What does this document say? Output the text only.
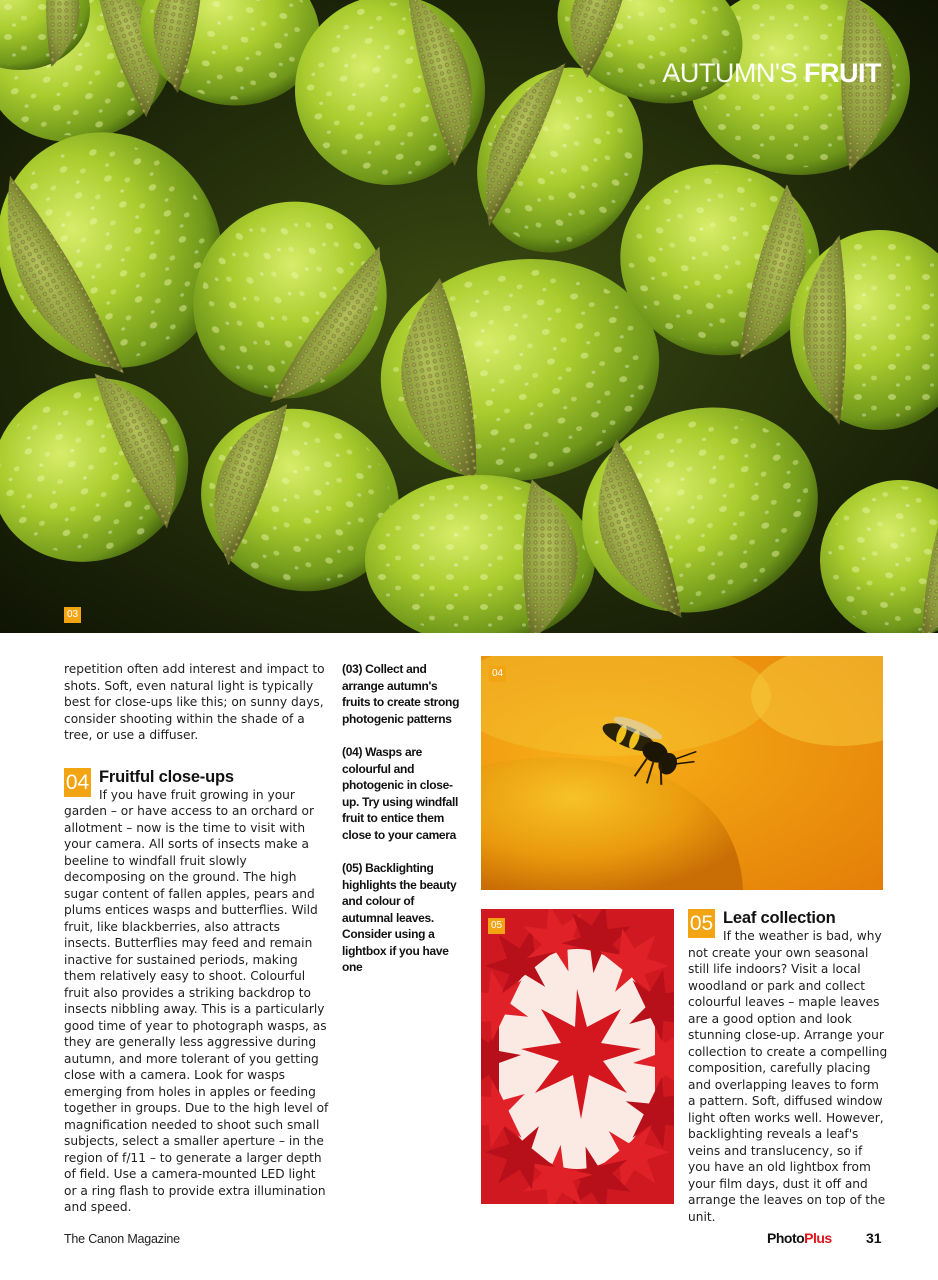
AUTUMN'S FRUIT
03

repetition often add interest and impact to shots. Soft, even natural light is typically best for close-ups like this; on sunny days, consider shooting within the shade of a tree, or use a diffuser.

04 Fruitful close-ups
If you have fruit growing in your garden – or have access to an orchard or allotment – now is the time to visit with your camera. All sorts of insects make a beeline to windfall fruit slowly decomposing on the ground. The high sugar content of fallen apples, pears and plums entices wasps and butterflies. Wild fruit, like blackberries, also attracts insects. Butterflies may feed and remain inactive for sustained periods, making them relatively easy to shoot. Colourful fruit also provides a striking backdrop to insects nibbling away. This is a particularly good time of year to photograph wasps, as they are generally less aggressive during autumn, and more tolerant of you getting close with a camera. Look for wasps emerging from holes in apples or feeding together in groups. Due to the high level of magnification needed to shoot such small subjects, select a smaller aperture – in the region of f/11 – to generate a larger depth of field. Use a camera-mounted LED light or a ring flash to provide extra illumination and speed.

(03) Collect and arrange autumn's fruits to create strong photogenic patterns

(04) Wasps are colourful and photogenic in close-up. Try using windfall fruit to entice them close to your camera

(05) Backlighting highlights the beauty and colour of autumnal leaves. Consider using a lightbox if you have one

04
05	05 Leaf collection
If the weather is bad, why not create your own seasonal still life indoors? Visit a local woodland or park and collect colourful leaves – maple leaves are a good option and look stunning close-up. Arrange your collection to create a compelling composition, carefully placing and overlapping leaves to form a pattern. Soft, diffused window light often works well. However, backlighting reveals a leaf's veins and translucency, so if you have an old lightbox from your film days, dust it off and arrange the leaves on top of the unit.
The Canon Magazine	PhotoPlus 31
